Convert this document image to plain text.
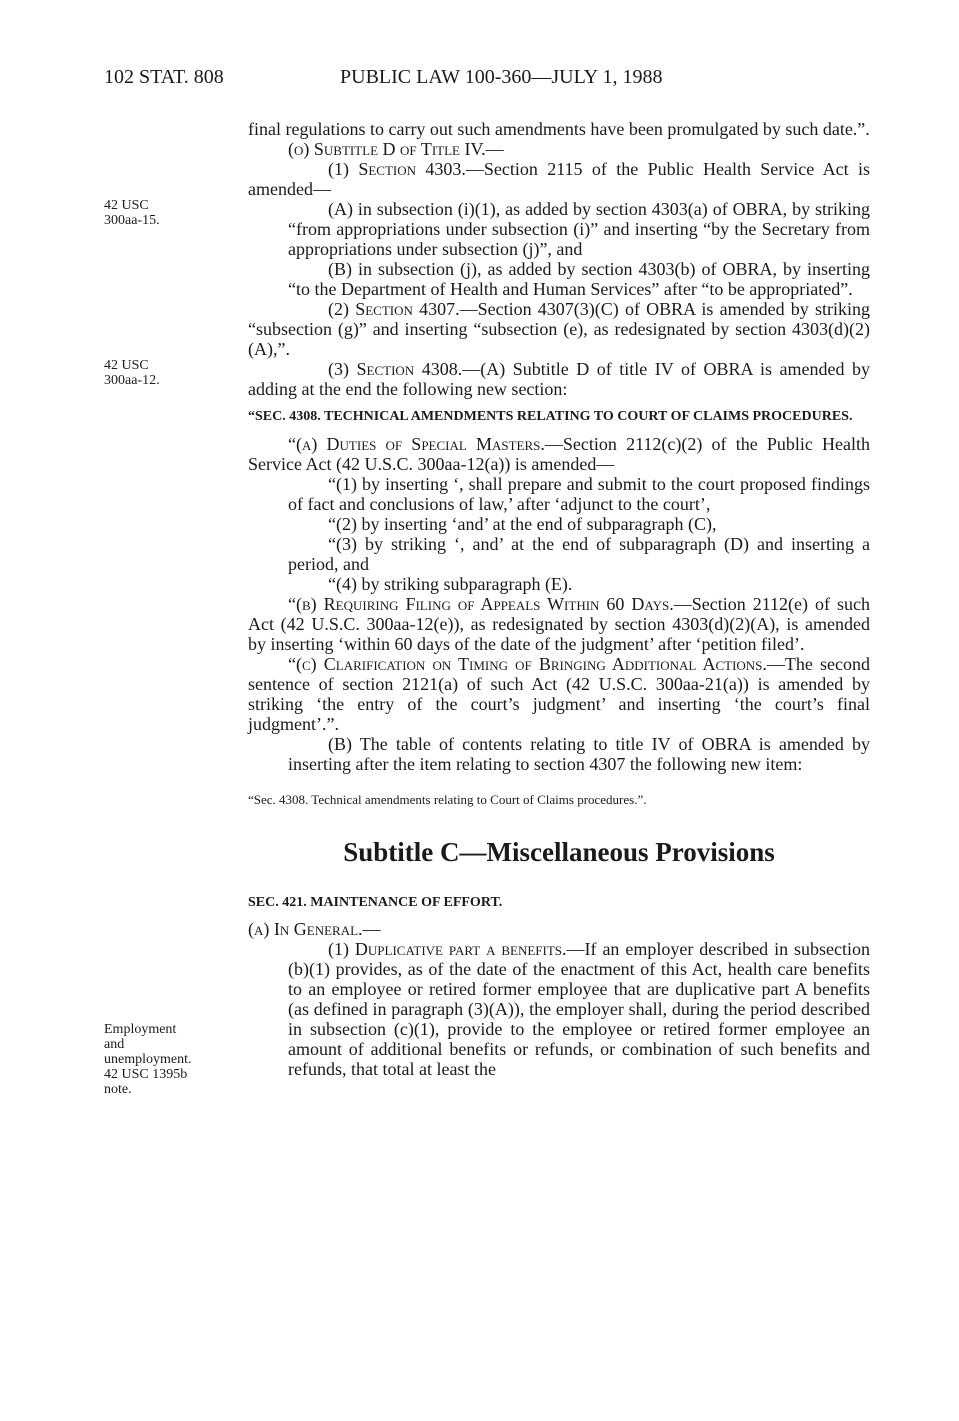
102 STAT. 808	PUBLIC LAW 100-360—JULY 1, 1988
42 USC
300aa-15.
42 USC
300aa-12.
Employment
and
unemployment.
42 USC 1395b
note.

final regulations to carry out such amendments have been promulgated by such date.”.

(o) Subtitle D of Title IV.—

(1) Section 4303.—Section 2115 of the Public Health Service Act is amended—

(A) in subsection (i)(1), as added by section 4303(a) of OBRA, by striking “from appropriations under subsection (i)” and inserting “by the Secretary from appropriations under subsection (j)”, and

(B) in subsection (j), as added by section 4303(b) of OBRA, by inserting “to the Department of Health and Human Services” after “to be appropriated”.

(2) Section 4307.—Section 4307(3)(C) of OBRA is amended by striking “subsection (g)” and inserting “subsection (e), as redesignated by section 4303(d)(2)(A),”.

(3) Section 4308.—(A) Subtitle D of title IV of OBRA is amended by adding at the end the following new section:

“SEC. 4308. TECHNICAL AMENDMENTS RELATING TO COURT OF CLAIMS PROCEDURES.

“(a) Duties of Special Masters.—Section 2112(c)(2) of the Public Health Service Act (42 U.S.C. 300aa-12(a)) is amended—

“(1) by inserting ‘, shall prepare and submit to the court proposed findings of fact and conclusions of law,’ after ‘adjunct to the court’,

“(2) by inserting ‘and’ at the end of subparagraph (C),

“(3) by striking ‘, and’ at the end of subparagraph (D) and inserting a period, and

“(4) by striking subparagraph (E).

“(b) Requiring Filing of Appeals Within 60 Days.—Section 2112(e) of such Act (42 U.S.C. 300aa-12(e)), as redesignated by section 4303(d)(2)(A), is amended by inserting ‘within 60 days of the date of the judgment’ after ‘petition filed’.

“(c) Clarification on Timing of Bringing Additional Actions.—The second sentence of section 2121(a) of such Act (42 U.S.C. 300aa-21(a)) is amended by striking ‘the entry of the court’s judgment’ and inserting ‘the court’s final judgment’.”.

(B) The table of contents relating to title IV of OBRA is amended by inserting after the item relating to section 4307 the following new item:

“Sec. 4308. Technical amendments relating to Court of Claims procedures.”.

Subtitle C—Miscellaneous Provisions

SEC. 421. MAINTENANCE OF EFFORT.

(a) In General.—

(1) Duplicative part a benefits.—If an employer described in subsection (b)(1) provides, as of the date of the enactment of this Act, health care benefits to an employee or retired former employee that are duplicative part A benefits (as defined in paragraph (3)(A)), the employer shall, during the period described in subsection (c)(1), provide to the employee or retired former employee an amount of additional benefits or refunds, or combination of such benefits and refunds, that total at least the
